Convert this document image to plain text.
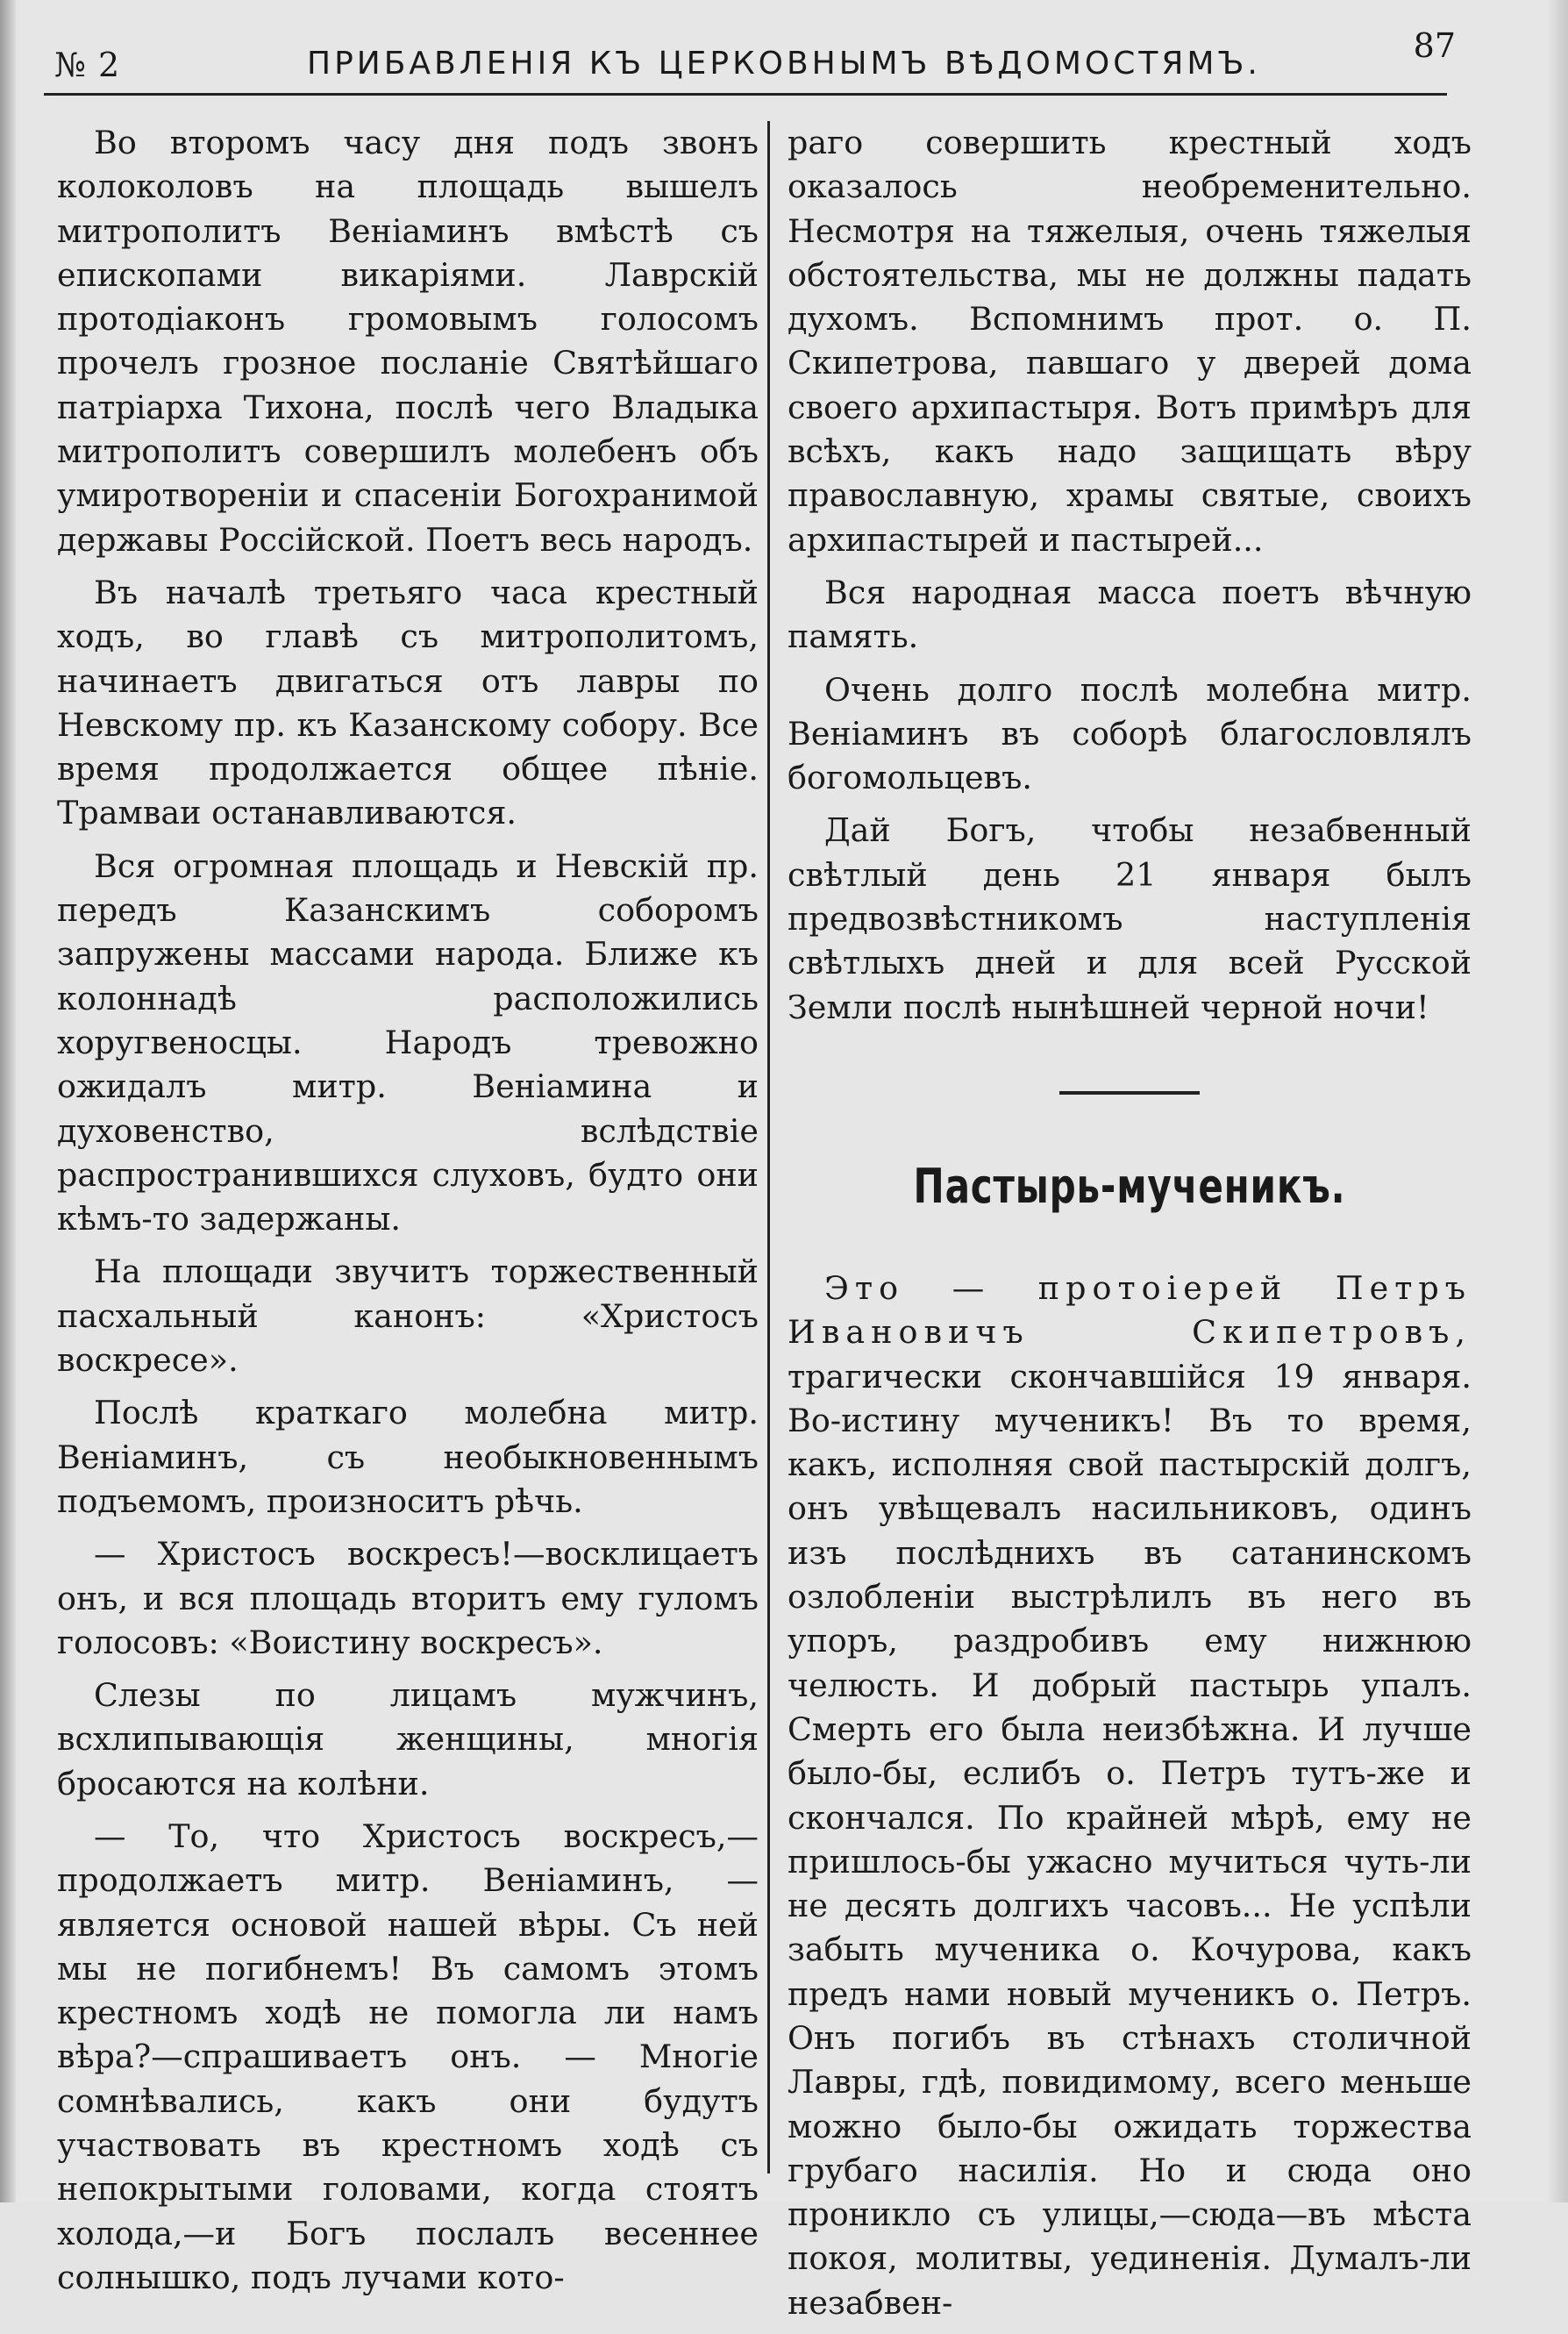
№ 2	ПРИБАВЛЕНІЯ КЪ ЦЕРКОВНЫМЪ ВѢДОМОСТЯМЪ.	87

Во второмъ часу дня подъ звонъ колоколовъ на площадь вышелъ митрополитъ Веніаминъ вмѣстѣ съ епископами викаріями. Лаврскій протодіаконъ громовымъ голосомъ прочелъ грозное посланіе Святѣйшаго патріарха Тихона, послѣ чего Владыка митрополитъ совершилъ молебенъ объ умиротвореніи и спасеніи Богохранимой державы Россійской. Поетъ весь народъ.

Въ началѣ третьяго часа крестный ходъ, во главѣ съ митрополитомъ, начинаетъ двигаться отъ лавры по Невскому пр. къ Казанскому собору. Все время продолжается общее пѣніе. Трамваи останавливаются.

Вся огромная площадь и Невскій пр. передъ Казанскимъ соборомъ запружены массами народа. Ближе къ колоннадѣ расположились хоругвеносцы. Народъ тревожно ожидалъ митр. Веніамина и духовенство, вслѣдствіе распространившихся слуховъ, будто они кѣмъ-то задержаны.

На площади звучитъ торжественный пасхальный канонъ: «Христосъ воскресе».

Послѣ краткаго молебна митр. Веніаминъ, съ необыкновеннымъ подъемомъ, произноситъ рѣчь.

— Христосъ воскресъ!—восклицаетъ онъ, и вся площадь вторитъ ему гуломъ голосовъ: «Воистину воскресъ».

Слезы по лицамъ мужчинъ, всхлипывающія женщины, многія бросаются на колѣни.

— То, что Христосъ воскресъ,—продолжаетъ митр. Веніаминъ, — является основой нашей вѣры. Съ ней мы не погибнемъ! Въ самомъ этомъ крестномъ ходѣ не помогла ли намъ вѣра?—спрашиваетъ онъ. — Многіе сомнѣвались, какъ они будутъ участвовать въ крестномъ ходѣ съ непокрытыми головами, когда стоятъ холода,—и Богъ послалъ весеннее солнышко, подъ лучами кото-

раго совершить крестный ходъ оказалось необременительно. Несмотря на тяжелыя, очень тяжелыя обстоятельства, мы не должны падать духомъ. Вспомнимъ прот. о. П. Скипетрова, павшаго у дверей дома своего архипастыря. Вотъ примѣръ для всѣхъ, какъ надо защищать вѣру православную, храмы святые, своихъ архипастырей и пастырей...

Вся народная масса поетъ вѣчную память.

Очень долго послѣ молебна митр. Веніаминъ въ соборѣ благословлялъ богомольцевъ.

Дай Богъ, чтобы незабвенный свѣтлый день 21 января былъ предвозвѣстникомъ наступленія свѣтлыхъ дней и для всей Русской Земли послѣ нынѣшней черной ночи!

Пастырь-мученикъ.

Это — протоіерей Петръ Ивановичъ Скипетровъ, трагически скончавшійся 19 января. Во-истину мученикъ! Въ то время, какъ, исполняя свой пастырскій долгъ, онъ увѣщевалъ насильниковъ, одинъ изъ послѣднихъ въ сатанинскомъ озлобленіи выстрѣлилъ въ него въ упоръ, раздробивъ ему нижнюю челюсть. И добрый пастырь упалъ. Смерть его была неизбѣжна. И лучше было-бы, еслибъ о. Петръ тутъ-же и скончался. По крайней мѣрѣ, ему не пришлось-бы ужасно мучиться чуть-ли не десять долгихъ часовъ... Не успѣли забыть мученика о. Кочурова, какъ предъ нами новый мученикъ о. Петръ. Онъ погибъ въ стѣнахъ столичной Лавры, гдѣ, повидимому, всего меньше можно было-бы ожидать торжества грубаго насилія. Но и сюда оно проникло съ улицы,—сюда—въ мѣста покоя, молитвы, уединенія. Думалъ-ли незабвен-
